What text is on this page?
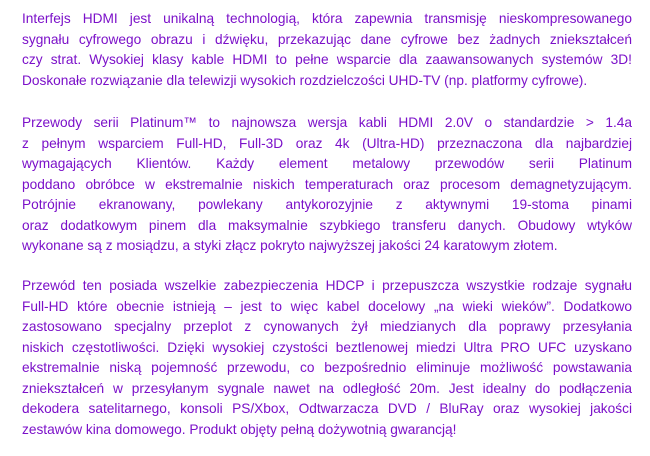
Interfejs HDMI jest unikalną technologią, która zapewnia transmisję nieskompresowanego
sygnału cyfrowego obrazu i dźwięku, przekazując dane cyfrowe bez żadnych zniekształceń
czy strat. Wysokiej klasy kable HDMI to pełne wsparcie dla zaawansowanych systemów 3D!
Doskonałe rozwiązanie dla telewizji wysokich rozdzielczości UHD-TV (np. platformy cyfrowe).
Przewody serii Platinum™ to najnowsza wersja kabli HDMI 2.0V o standardzie > 1.4a
z pełnym wsparciem Full-HD, Full-3D oraz 4k (Ultra-HD) przeznaczona dla najbardziej
wymagających Klientów. Każdy element metalowy przewodów serii Platinum
poddano obróbce w ekstremalnie niskich temperaturach oraz procesom demagnetyzującym.
Potrójnie ekranowany, powlekany antykorozyjnie z aktywnymi 19-stoma pinami
oraz dodatkowym pinem dla maksymalnie szybkiego transferu danych. Obudowy wtyków
wykonane są z mosiądzu, a styki złącz pokryto najwyższej jakości 24 karatowym złotem.
Przewód ten posiada wszelkie zabezpieczenia HDCP i przepuszcza wszystkie rodzaje sygnału
Full-HD które obecnie istnieją – jest to więc kabel docelowy „na wieki wieków”. Dodatkowo
zastosowano specjalny przeplot z cynowanych żył miedzianych dla poprawy przesyłania
niskich częstotliwości. Dzięki wysokiej czystości beztlenowej miedzi Ultra PRO UFC uzyskano
ekstremalnie niską pojemność przewodu, co bezpośrednio eliminuje możliwość powstawania
zniekształceń w przesyłanym sygnale nawet na odległość 20m. Jest idealny do podłączenia
dekodera satelitarnego, konsoli PS/Xbox, Odtwarzacza DVD / BluRay oraz wysokiej jakości
zestawów kina domowego. Produkt objęty pełną dożywotnią gwarancją!
